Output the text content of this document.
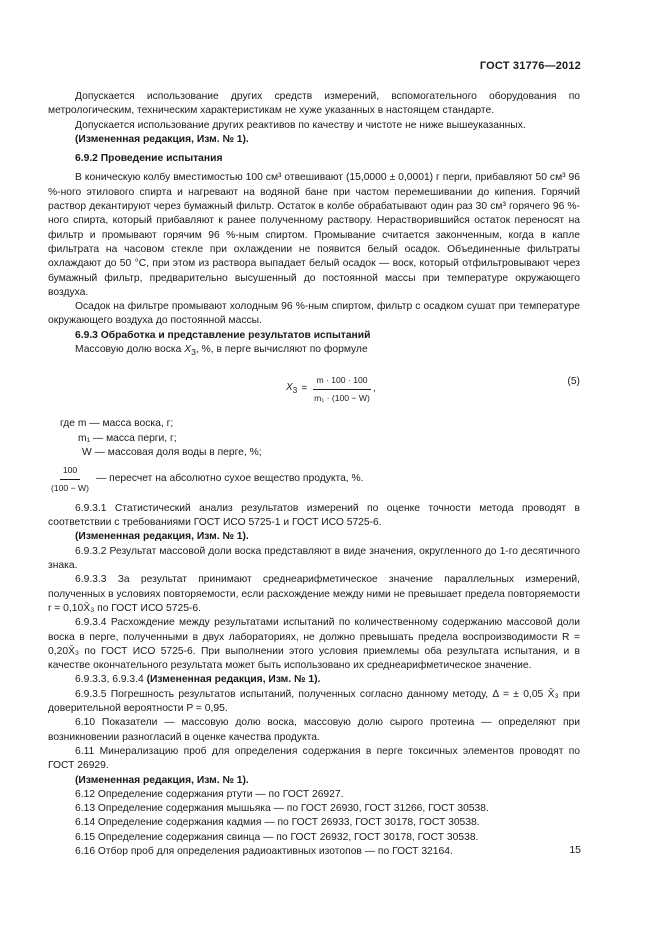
ГОСТ 31776—2012

Допускается использование других средств измерений, вспомогательного оборудования по метрологическим, техническим характеристикам не хуже указанных в настоящем стандарте.

Допускается использование других реактивов по качеству и чистоте не ниже вышеуказанных.

(Измененная редакция, Изм. № 1).

6.9.2 Проведение испытания

В коническую колбу вместимостью 100 см³ отвешивают (15,0000 ± 0,0001) г перги, прибавляют 50 см³ 96 %-ного этилового спирта и нагревают на водяной бане при частом перемешивании до кипения. Горячий раствор декантируют через бумажный фильтр. Остаток в колбе обрабатывают один раз 30 см³ горячего 96 %-ного спирта, который прибавляют к ранее полученному раствору. Нерастворившийся остаток переносят на фильтр и промывают горячим 96 %-ным спиртом. Промывание считается законченным, когда в капле фильтрата на часовом стекле при охлаждении не появится белый осадок. Объединенные фильтраты охлаждают до 50 °С, при этом из раствора выпадает белый осадок — воск, который отфильтровывают через бумажный фильтр, предварительно высушенный до постоянной массы при температуре окружающего воздуха.

Осадок на фильтре промывают холодным 96 %-ным спиртом, фильтр с осадком сушат при температуре окружающего воздуха до постоянной массы.

6.9.3 Обработка и представление результатов испытаний

Массовую долю воска $X_3$, %, в перге вычисляют по формуле

$X_3 = \frac{m \cdot 100 \cdot 100}{\text{m₁ · (100 − W)}}$ ,
(5)

где m — масса воска, г;

m₁ — масса перги, г;

W — массовая доля воды в перге, %;

$\frac{100}{(100 - W)}$ — пересчет на абсолютно сухое вещество продукта, %.

6.9.3.1 Статистический анализ результатов измерений по оценке точности метода проводят в соответствии с требованиями ГОСТ ИСО 5725-1 и ГОСТ ИСО 5725-6.

(Измененная редакция, Изм. № 1).

6.9.3.2 Результат массовой доли воска представляют в виде значения, округленного до 1-го десятичного знака.

6.9.3.3 За результат принимают среднеарифметическое значение параллельных измерений, полученных в условиях повторяемости, если расхождение между ними не превышает предела повторяемости r = 0,10X̄₃ по ГОСТ ИСО 5725-6.

6.9.3.4 Расхождение между результатами испытаний по количественному содержанию массовой доли воска в перге, полученными в двух лабораториях, не должно превышать предела воспроизводимости R = 0,20X̄₃ по ГОСТ ИСО 5725-6. При выполнении этого условия приемлемы оба результата испытания, и в качестве окончательного результата может быть использовано их среднеарифметическое значение.

6.9.3.3, 6.9.3.4 (Измененная редакция, Изм. № 1).

6.9.3.5 Погрешность результатов испытаний, полученных согласно данному методу, Δ = ± 0,05 X̄₃ при доверительной вероятности P = 0,95.

6.10 Показатели — массовую долю воска, массовую долю сырого протеина — определяют при возникновении разногласий в оценке качества продукта.

6.11 Минерализацию проб для определения содержания в перге токсичных элементов проводят по ГОСТ 26929.

(Измененная редакция, Изм. № 1).

6.12 Определение содержания ртути — по ГОСТ 26927.

6.13 Определение содержания мышьяка — по ГОСТ 26930, ГОСТ 31266, ГОСТ 30538.

6.14 Определение содержания кадмия — по ГОСТ 26933, ГОСТ 30178, ГОСТ 30538.

6.15 Определение содержания свинца — по ГОСТ 26932, ГОСТ 30178, ГОСТ 30538.

6.16 Отбор проб для определения радиоактивных изотопов — по ГОСТ 32164.	15
